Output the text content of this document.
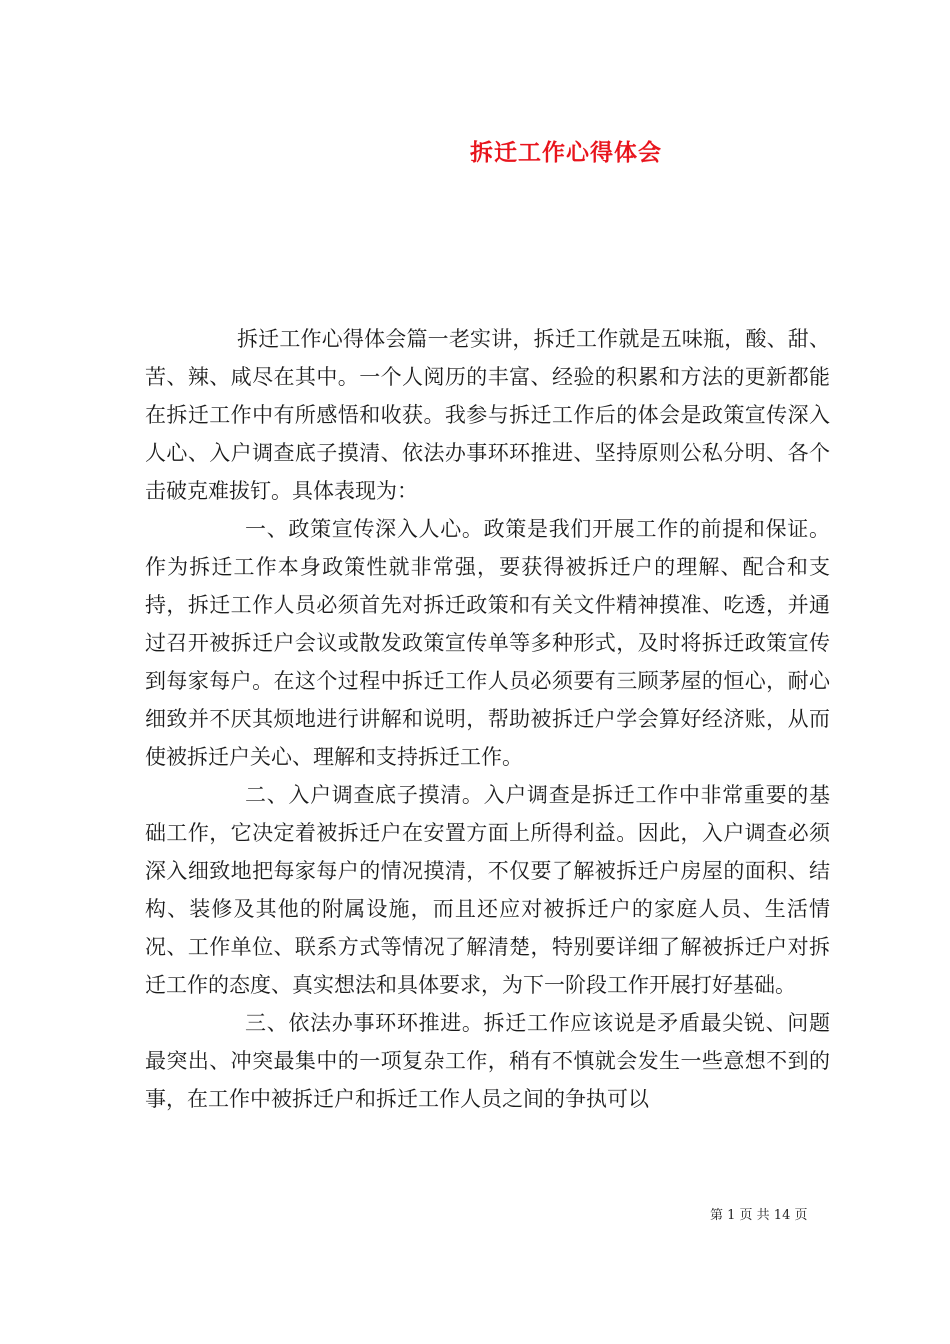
拆迁工作心得体会

拆迁工作心得体会篇一老实讲，拆迁工作就是五味瓶，酸、甜、苦、辣、咸尽在其中。一个人阅历的丰富、经验的积累和方法的更新都能在拆迁工作中有所感悟和收获。我参与拆迁工作后的体会是政策宣传深入人心、入户调查底子摸清、依法办事环环推进、坚持原则公私分明、各个击破克难拔钉。具体表现为：

一、政策宣传深入人心。政策是我们开展工作的前提和保证。作为拆迁工作本身政策性就非常强，要获得被拆迁户的理解、配合和支持，拆迁工作人员必须首先对拆迁政策和有关文件精神摸准、吃透，并通过召开被拆迁户会议或散发政策宣传单等多种形式，及时将拆迁政策宣传到每家每户。在这个过程中拆迁工作人员必须要有三顾茅屋的恒心，耐心细致并不厌其烦地进行讲解和说明，帮助被拆迁户学会算好经济账，从而使被拆迁户关心、理解和支持拆迁工作。

二、入户调查底子摸清。入户调查是拆迁工作中非常重要的基础工作，它决定着被拆迁户在安置方面上所得利益。因此，入户调查必须深入细致地把每家每户的情况摸清，不仅要了解被拆迁户房屋的面积、结构、装修及其他的附属设施，而且还应对被拆迁户的家庭人员、生活情况、工作单位、联系方式等情况了解清楚，特别要详细了解被拆迁户对拆迁工作的态度、真实想法和具体要求，为下一阶段工作开展打好基础。

三、依法办事环环推进。拆迁工作应该说是矛盾最尖锐、问题最突出、冲突最集中的一项复杂工作，稍有不慎就会发生一些意想不到的事，在工作中被拆迁户和拆迁工作人员之间的争执可以

第 1 页 共 14 页
